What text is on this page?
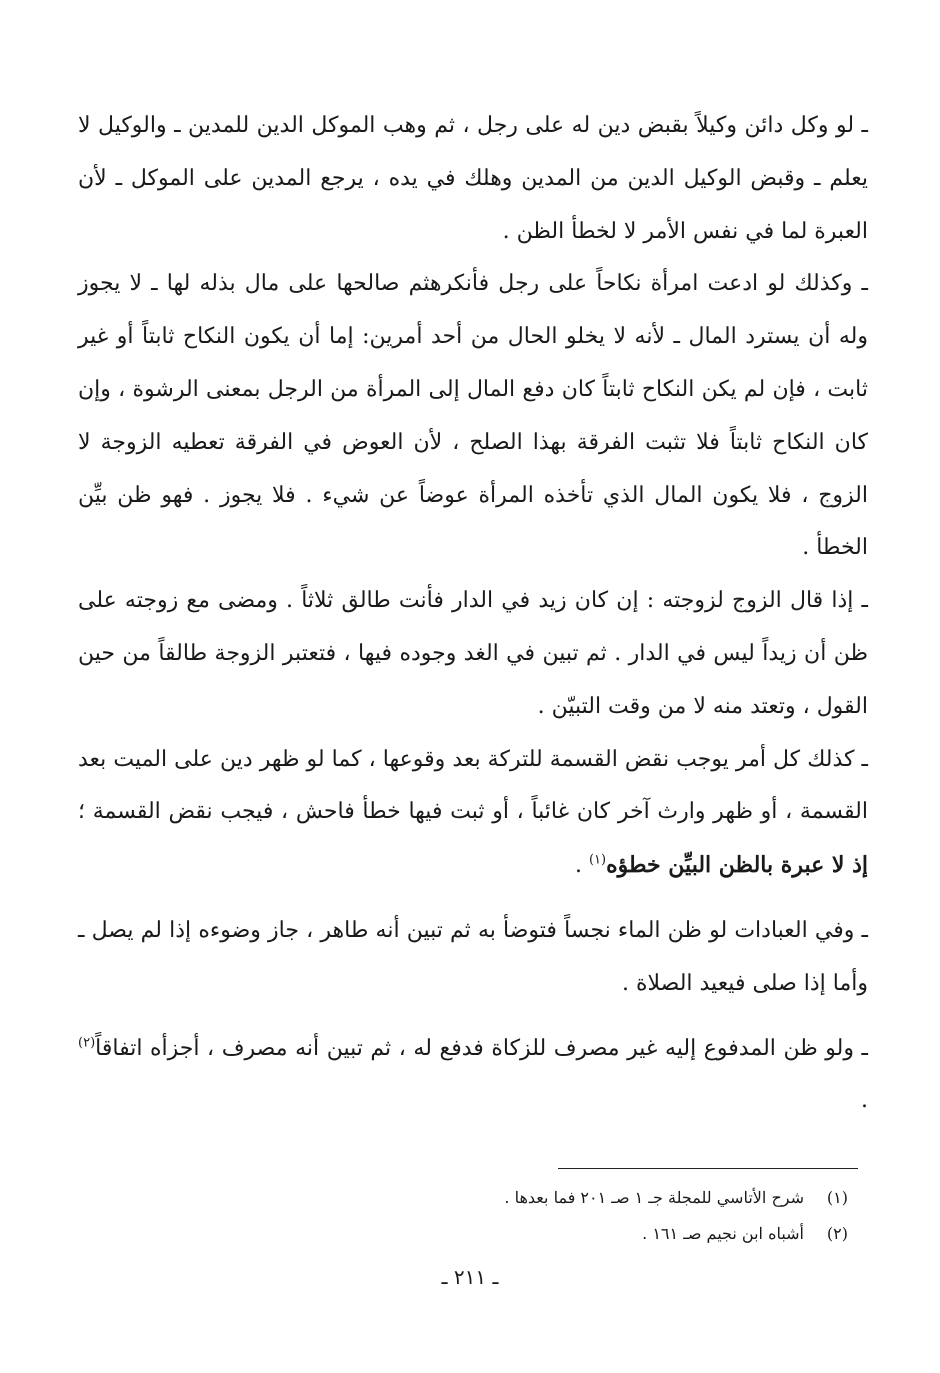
ـ لو وكل دائن وكيلاً بقبض دين له على رجل ، ثم وهب الموكل الدين للمدين ـ والوكيل لا يعلم ـ وقبض الوكيل الدين من المدين وهلك في يده ، يرجع المدين على الموكل ـ لأن العبرة لما في نفس الأمر لا لخطأ الظن .

ـ وكذلك لو ادعت امرأة نكاحاً على رجل فأنكرهثم صالحها على مال بذله لها ـ لا يجوز وله أن يسترد المال ـ لأنه لا يخلو الحال من أحد أمرين: إما أن يكون النكاح ثابتاً أو غير ثابت ، فإن لم يكن النكاح ثابتاً كان دفع المال إلى المرأة من الرجل بمعنى الرشوة ، وإن كان النكاح ثابتاً فلا تثبت الفرقة بهذا الصلح ، لأن العوض في الفرقة تعطيه الزوجة لا الزوج ، فلا يكون المال الذي تأخذه المرأة عوضاً عن شيء . فلا يجوز . فهو ظن بيِّن الخطأ .

ـ إذا قال الزوج لزوجته : إن كان زيد في الدار فأنت طالق ثلاثاً . ومضى مع زوجته على ظن أن زيداً ليس في الدار . ثم تبين في الغد وجوده فيها ، فتعتبر الزوجة طالقاً من حين القول ، وتعتد منه لا من وقت التبيّن .

ـ كذلك كل أمر يوجب نقض القسمة للتركة بعد وقوعها ، كما لو ظهر دين على الميت بعد القسمة ، أو ظهر وارث آخر كان غائباً ، أو ثبت فيها خطأ فاحش ، فيجب نقض القسمة ؛ إذ لا عبرة بالظن البيِّن خطؤه$^{(١)}$ .

ـ وفي العبادات لو ظن الماء نجساً فتوضأ به ثم تبين أنه طاهر ، جاز وضوءه إذا لم يصل ـ وأما إذا صلى فيعيد الصلاة .

ـ ولو ظن المدفوع إليه غير مصرف للزكاة فدفع له ، ثم تبين أنه مصرف ، أجزأه اتفاقاً$^{(٢)}$ .

(١)شرح الأتاسي للمجلة جـ ١ صـ ٢٠١ فما بعدها .
(٢)أشباه ابن نجيم صـ ١٦١ .
ـ ٢١١ ـ
